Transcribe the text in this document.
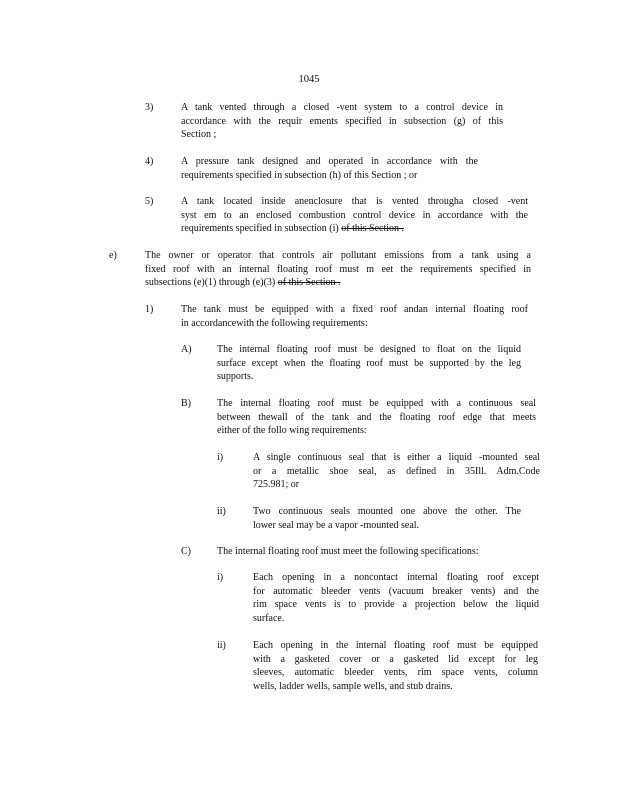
1045
3)	A tank vented through a closed -vent system to a control device in
accordance with the requir ements specified in subsection (g) of this
Section ;
4)	A pressure tank designed and operated in accordance with the
requirements specified in subsection (h) of this Section ; or
5)	A tank located inside anenclosure that is vented througha closed -vent
syst em to an enclosed combustion control device in accordance with the
requirements specified in subsection (i) of this Section .
e)	The owner or operator that controls air pollutant emissions from a tank using a
fixed roof with an internal floating roof must m eet the requirements specified in
subsections (e)(1) through (e)(3) of this Section .
1)	The tank must be equipped with a fixed roof andan internal floating roof
in accordancewith the following requirements:
A)	The internal floating roof must be designed to float on the liquid
surface except when the floating roof must be supported by the leg
supports.
B)	The internal floating roof must be equipped with a continuous seal
between thewall of the tank and the floating roof edge that meets
either of the follo wing requirements:
i)	A single continuous seal that is either a liquid -mounted seal
or a metallic shoe seal, as defined in 35Ill. Adm.Code
725.981; or
ii)	Two continuous seals mounted one above the other. The
lower seal may be a vapor -mounted seal.
C)	The internal floating roof must meet the following specifications:
i)	Each opening in a noncontact internal floating roof except
for automatic bleeder vents (vacuum breaker vents) and the
rim space vents is to provide a projection below the liquid
surface.
ii)	Each opening in the internal floating roof must be equipped
with a gasketed cover or a gasketed lid except for leg
sleeves, automatic bleeder vents, rim space vents, column
wells, ladder wells, sample wells, and stub drains.
